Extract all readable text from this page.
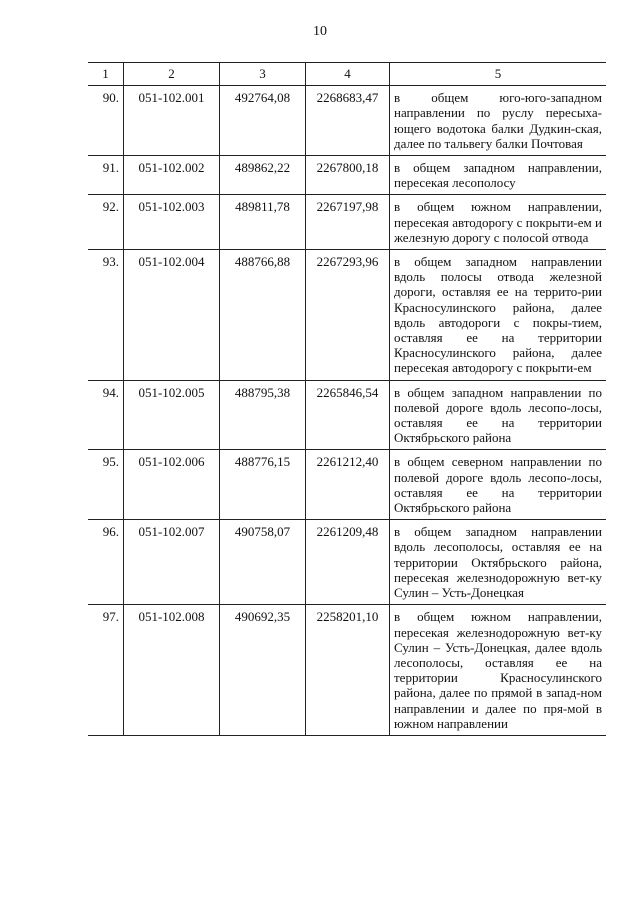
10
1	2	3	4	5
90.	051-102.001	492764,08	2268683,47	в общем юго-юго-западном направлении по руслу пересыха-ющего водотока балки Дудкин-ская, далее по тальвегу балки Почтовая
91.	051-102.002	489862,22	2267800,18	в общем западном направлении, пересекая лесополосу
92.	051-102.003	489811,78	2267197,98	в общем южном направлении, пересекая автодорогу с покрыти-ем и железную дорогу с полосой отвода
93.	051-102.004	488766,88	2267293,96	в общем западном направлении вдоль полосы отвода железной дороги, оставляя ее на террито-рии Красносулинского района, далее вдоль автодороги с покры-тием, оставляя ее на территории Красносулинского района, далее пересекая автодорогу с покрыти-ем
94.	051-102.005	488795,38	2265846,54	в общем западном направлении по полевой дороге вдоль лесопо-лосы, оставляя ее на территории Октябрьского района
95.	051-102.006	488776,15	2261212,40	в общем северном направлении по полевой дороге вдоль лесопо-лосы, оставляя ее на территории Октябрьского района
96.	051-102.007	490758,07	2261209,48	в общем западном направлении вдоль лесополосы, оставляя ее на территории Октябрьского района, пересекая железнодорожную вет-ку Сулин – Усть-Донецкая
97.	051-102.008	490692,35	2258201,10	в общем южном направлении, пересекая железнодорожную вет-ку Сулин – Усть-Донецкая, далее вдоль лесополосы, оставляя ее на территории Красносулинского района, далее по прямой в запад-ном направлении и далее по пря-мой в южном направлении
